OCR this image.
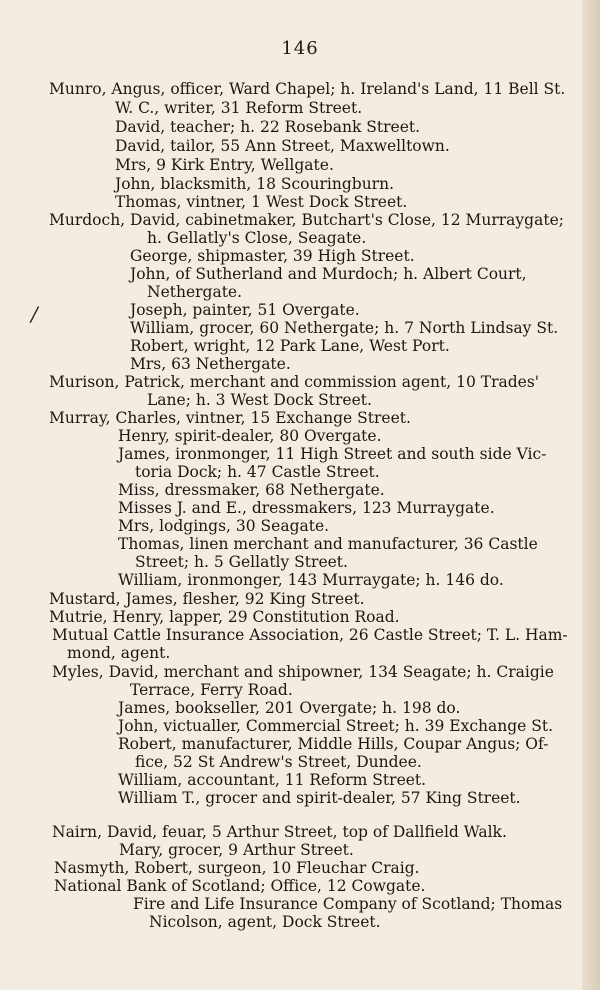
146
/
Munro, Angus, officer, Ward Chapel; h. Ireland's Land, 11 Bell St.
W. C., writer, 31 Reform Street.
David, teacher; h. 22 Rosebank Street.
David, tailor, 55 Ann Street, Maxwelltown.
Mrs, 9 Kirk Entry, Wellgate.
John, blacksmith, 18 Scouringburn.
Thomas, vintner, 1 West Dock Street.
Murdoch, David, cabinetmaker, Butchart's Close, 12 Murraygate;
h. Gellatly's Close, Seagate.
George, shipmaster, 39 High Street.
John, of Sutherland and Murdoch; h. Albert Court,
Nethergate.
Joseph, painter, 51 Overgate.
William, grocer, 60 Nethergate; h. 7 North Lindsay St.
Robert, wright, 12 Park Lane, West Port.
Mrs, 63 Nethergate.
Murison, Patrick, merchant and commission agent, 10 Trades'
Lane; h. 3 West Dock Street.
Murray, Charles, vintner, 15 Exchange Street.
Henry, spirit-dealer, 80 Overgate.
James, ironmonger, 11 High Street and south side Vic-
toria Dock; h. 47 Castle Street.
Miss, dressmaker, 68 Nethergate.
Misses J. and E., dressmakers, 123 Murraygate.
Mrs, lodgings, 30 Seagate.
Thomas, linen merchant and manufacturer, 36 Castle
Street; h. 5 Gellatly Street.
William, ironmonger, 143 Murraygate; h. 146 do.
Mustard, James, flesher, 92 King Street.
Mutrie, Henry, lapper, 29 Constitution Road.
Mutual Cattle Insurance Association, 26 Castle Street; T. L. Ham-
mond, agent.
Myles, David, merchant and shipowner, 134 Seagate; h. Craigie
Terrace, Ferry Road.
James, bookseller, 201 Overgate; h. 198 do.
John, victualler, Commercial Street; h. 39 Exchange St.
Robert, manufacturer, Middle Hills, Coupar Angus; Of-
fice, 52 St Andrew's Street, Dundee.
William, accountant, 11 Reform Street.
William T., grocer and spirit-dealer, 57 King Street.
Nairn, David, feuar, 5 Arthur Street, top of Dallfield Walk.
Mary, grocer, 9 Arthur Street.
Nasmyth, Robert, surgeon, 10 Fleuchar Craig.
National Bank of Scotland; Office, 12 Cowgate.
Fire and Life Insurance Company of Scotland; Thomas
Nicolson, agent, Dock Street.
